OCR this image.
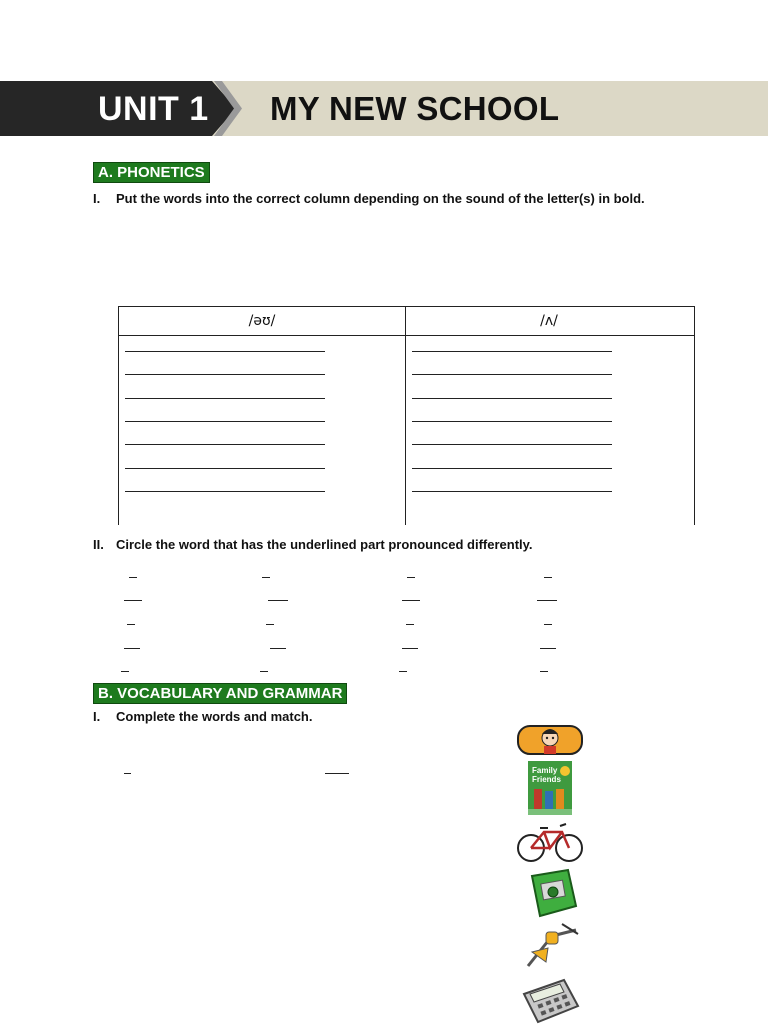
UNIT 1 MY NEW SCHOOL
A. PHONETICS
I. Put the words into the correct column depending on the sound of the letter(s) in bold.
/əʊ/	/ʌ/
II. Circle the word that has the underlined part pronounced differently.
B. VOCABULARY AND GRAMMAR
I. Complete the words and match.
Family
Friends
